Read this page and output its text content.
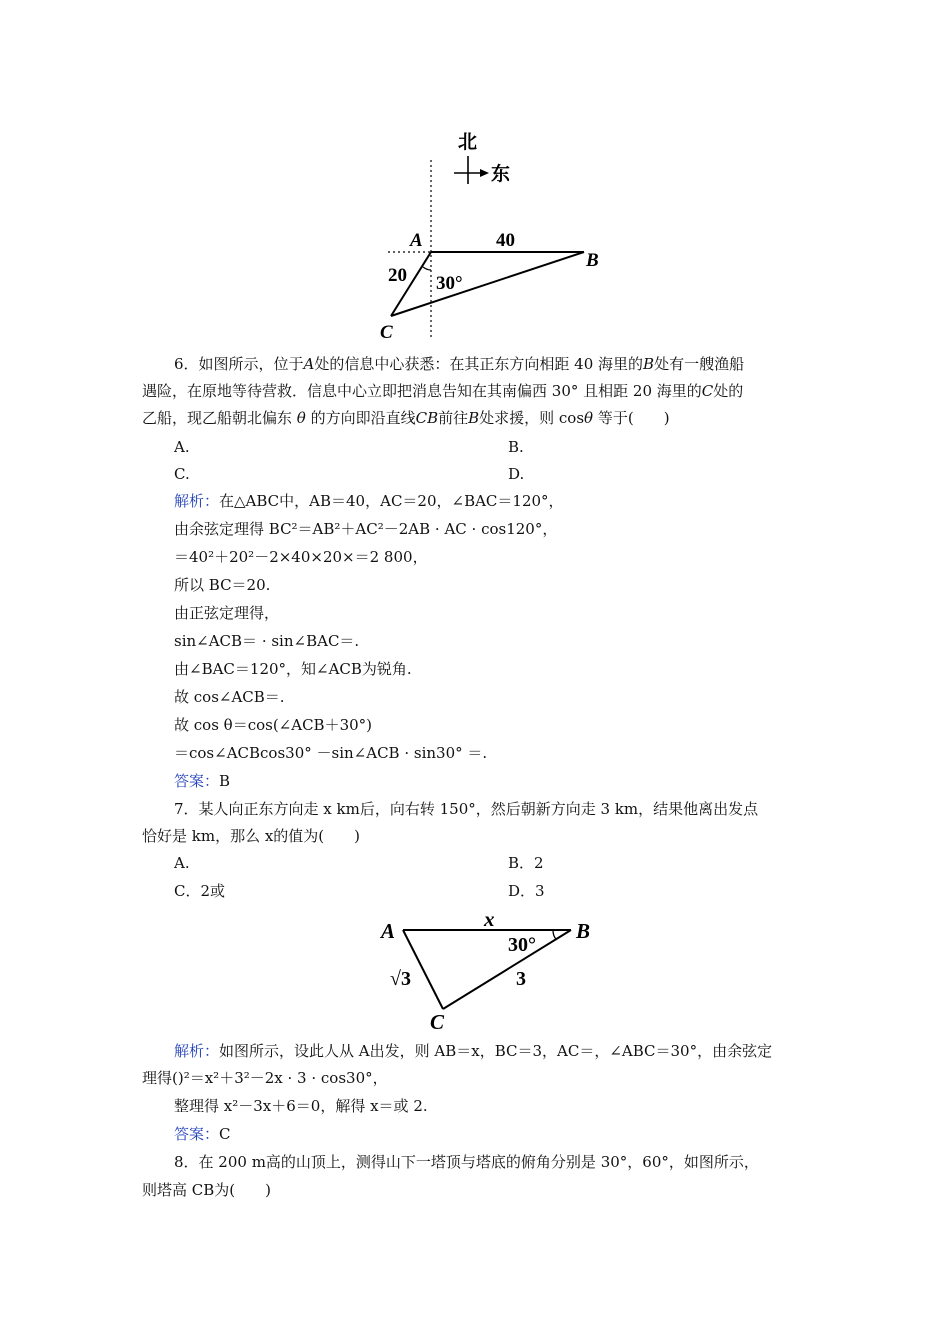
北
东
A
B
C
40
20 30°
6．如图所示，位于A处的信息中心获悉：在其正东方向相距 40 海里的B处有一艘渔船
遇险，在原地等待营救．信息中心立即把消息告知在其南偏西 30° 且相距 20 海里的C处的
乙船，现乙船朝北偏东 θ 的方向即沿直线CB前往B处求援，则 cosθ 等于(　　)
A.	B.
C.	D.
解析：在△ABC中，AB＝40，AC＝20，∠BAC＝120°，
由余弦定理得 BC²＝AB²＋AC²－2AB · AC · cos120°，
＝40²＋20²－2×40×20×＝2 800，
所以 BC＝20.
由正弦定理得，
sin∠ACB＝ · sin∠BAC＝.
由∠BAC＝120°，知∠ACB为锐角.
故 cos∠ACB＝.
故 cos θ＝cos(∠ACB＋30°)
＝cos∠ACBcos30° －sin∠ACB · sin30° ＝.
答案：B
7．某人向正东方向走 x km后，向右转 150°，然后朝新方向走 3 km，结果他离出发点
恰好是 km，那么 x的值为(　　)
A.	B．2
C．2或	D．3
A	B
C
x
30°
3
√3
解析：如图所示，设此人从 A出发，则 AB＝x，BC＝3，AC＝，∠ABC＝30°，由余弦定
理得()²＝x²＋3²－2x · 3 · cos30°，
整理得 x²－3x＋6＝0，解得 x＝或 2.
答案：C
8．在 200 m高的山顶上，测得山下一塔顶与塔底的俯角分别是 30°，60°，如图所示，
则塔高 CB为(　　)
